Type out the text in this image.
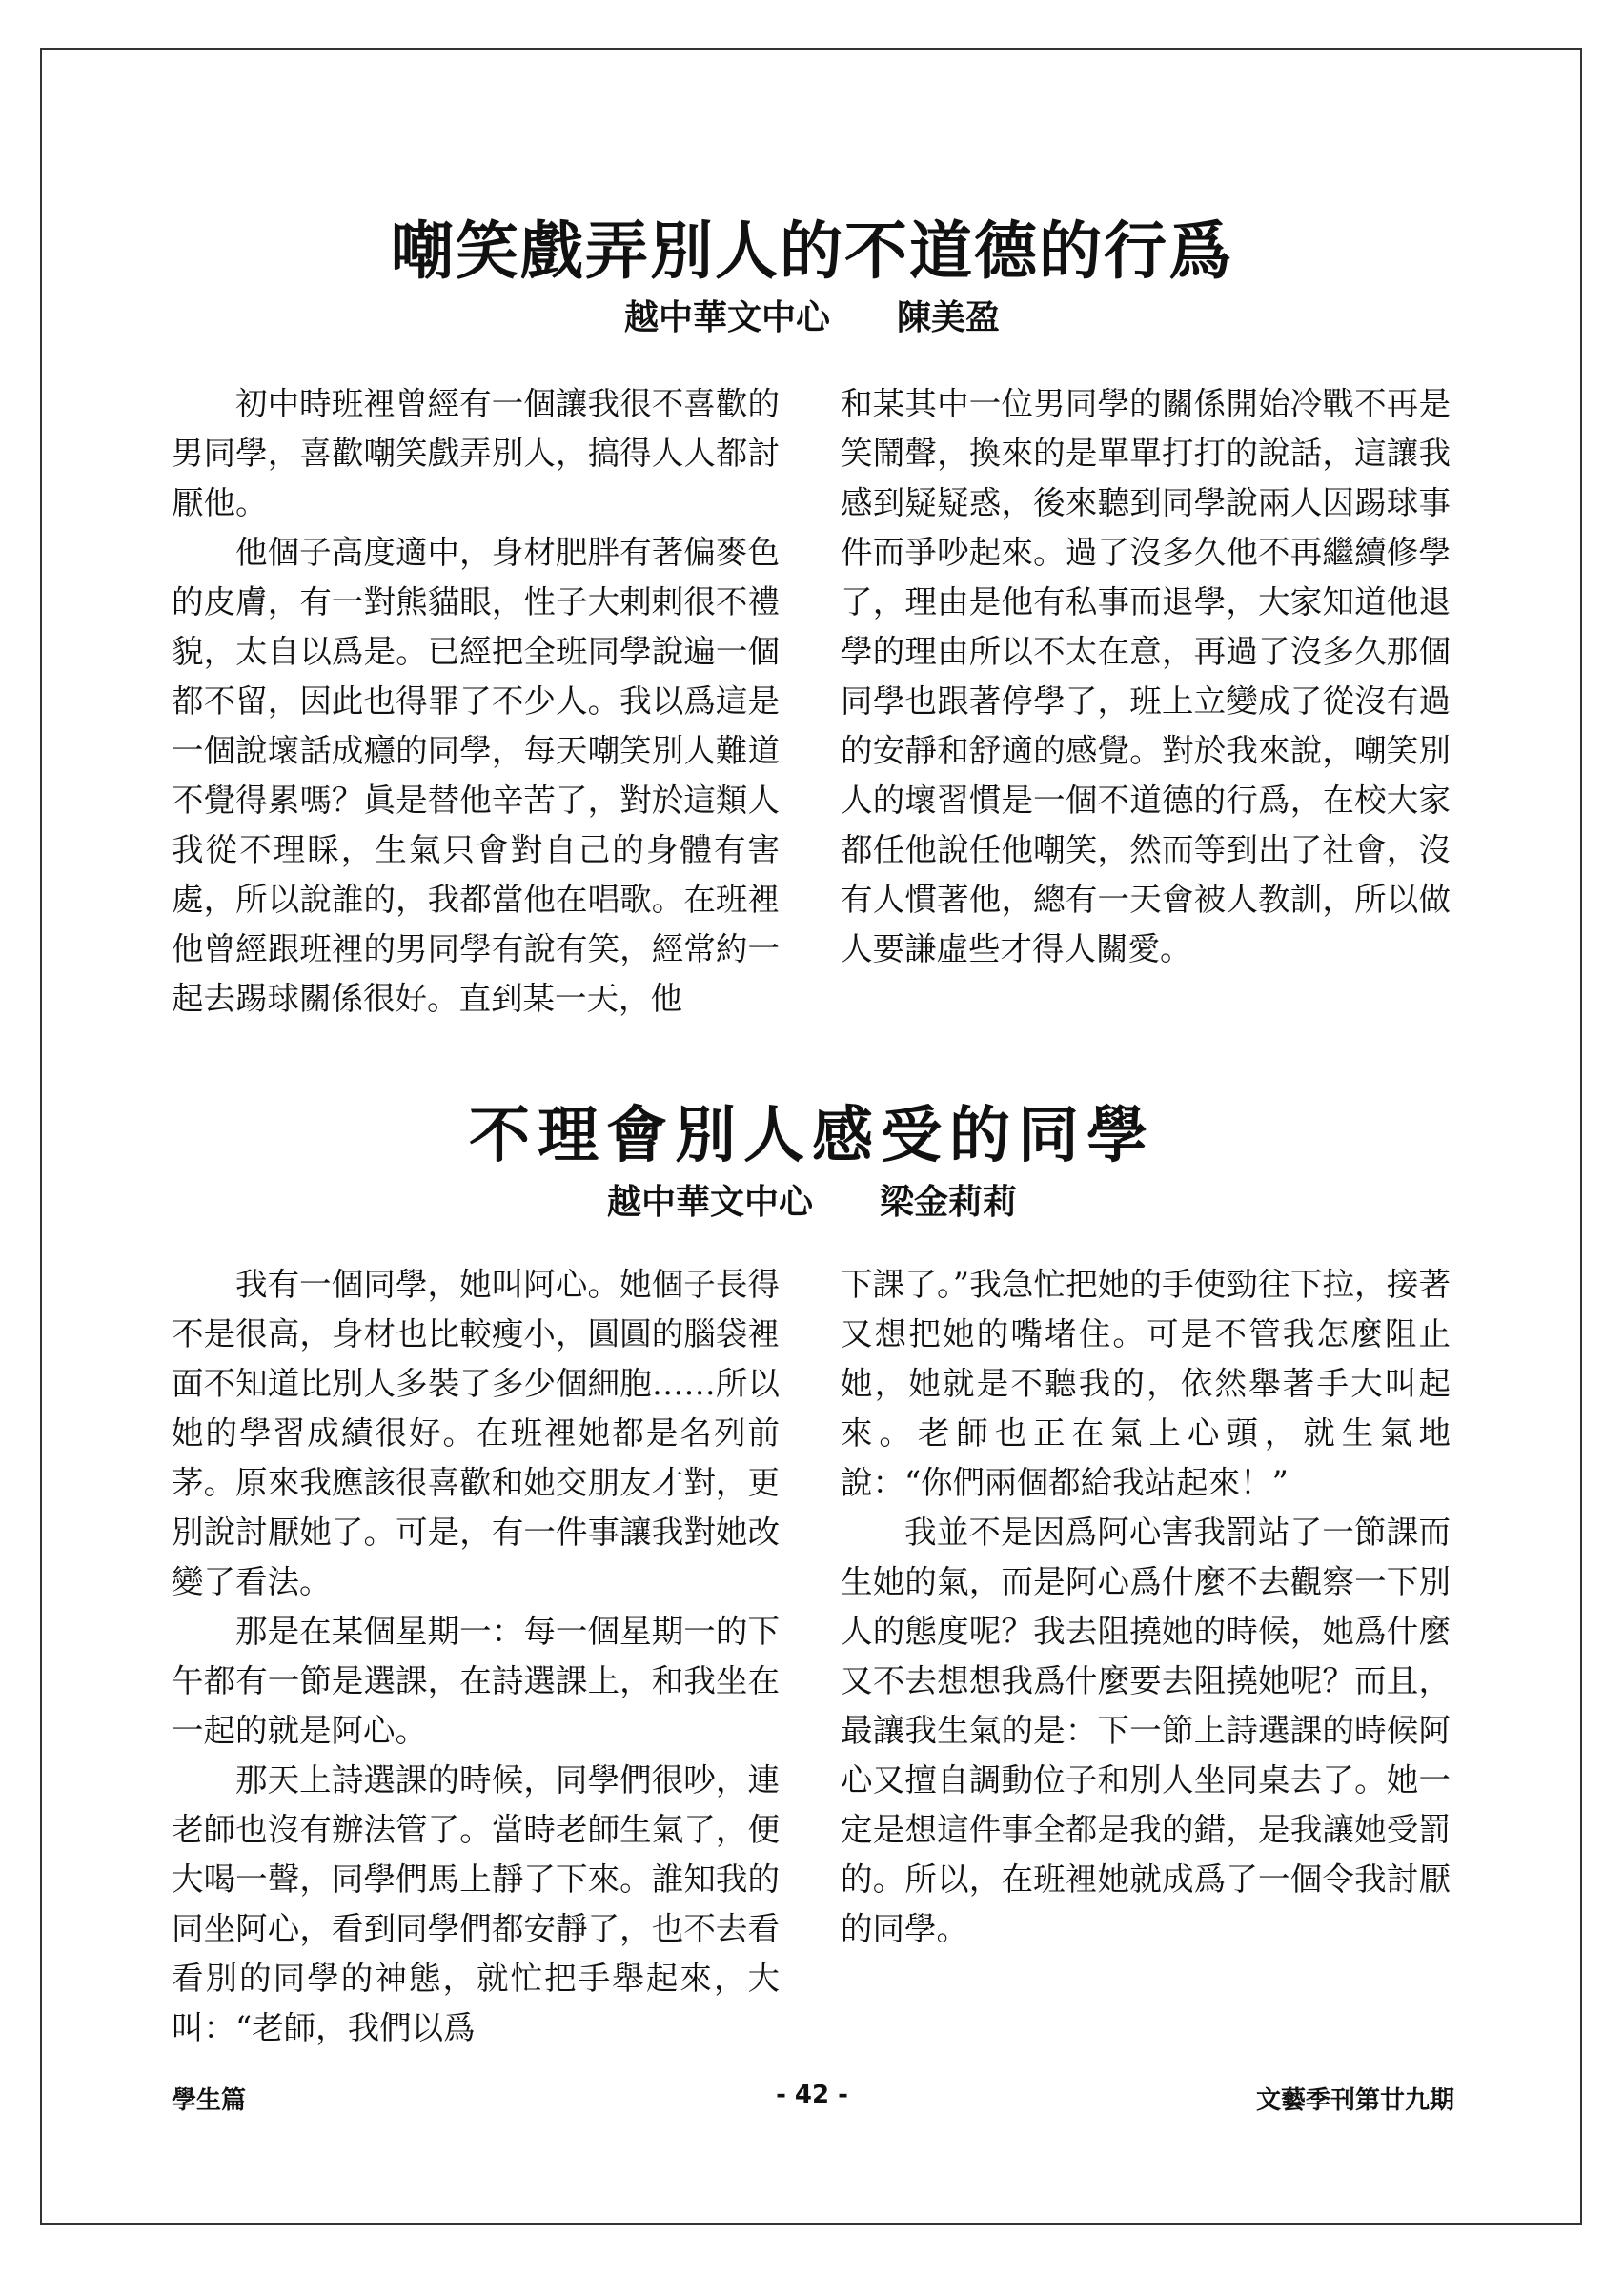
嘲笑戲弄別人的不道德的行爲
越中華文中心 陳美盈

初中時班裡曾經有一個讓我很不喜歡的男同學，喜歡嘲笑戲弄別人，搞得人人都討厭他。

他個子高度適中，身材肥胖有著偏麥色的皮膚，有一對熊貓眼，性子大剌剌很不禮貌，太自以爲是。已經把全班同學說遍一個都不留，因此也得罪了不少人。我以爲這是一個說壞話成癮的同學，每天嘲笑別人難道不覺得累嗎？眞是替他辛苦了，對於這類人我從不理睬，生氣只會對自己的身體有害處，所以說誰的，我都當他在唱歌。在班裡他曾經跟班裡的男同學有說有笑，經常約一起去踢球關係很好。直到某一天，他

和某其中一位男同學的關係開始冷戰不再是笑鬧聲，換來的是單單打打的說話，這讓我感到疑疑惑，後來聽到同學說兩人因踢球事件而爭吵起來。過了沒多久他不再繼續修學了，理由是他有私事而退學，大家知道他退學的理由所以不太在意，再過了沒多久那個同學也跟著停學了，班上立變成了從沒有過的安靜和舒適的感覺。對於我來說，嘲笑別人的壞習慣是一個不道德的行爲，在校大家都任他說任他嘲笑，然而等到出了社會，沒有人慣著他，總有一天會被人教訓，所以做人要謙虛些才得人關愛。

不理會別人感受的同學
越中華文中心 梁金莉莉

我有一個同學，她叫阿心。她個子長得不是很高，身材也比較瘦小，圓圓的腦袋裡面不知道比別人多裝了多少個細胞……所以她的學習成績很好。在班裡她都是名列前茅。原來我應該很喜歡和她交朋友才對，更別說討厭她了。可是，有一件事讓我對她改變了看法。

那是在某個星期一：每一個星期一的下午都有一節是選課，在詩選課上，和我坐在一起的就是阿心。

那天上詩選課的時候，同學們很吵，連老師也沒有辦法管了。當時老師生氣了，便大喝一聲，同學們馬上靜了下來。誰知我的同坐阿心，看到同學們都安靜了，也不去看看別的同學的神態，就忙把手舉起來，大叫：“老師，我們以爲

下課了。”我急忙把她的手使勁往下拉，接著又想把她的嘴堵住。可是不管我怎麼阻止她，她就是不聽我的，依然舉著手大叫起來。老師也正在氣上心頭，就生氣地說：“你們兩個都給我站起來！”

我並不是因爲阿心害我罰站了一節課而生她的氣，而是阿心爲什麼不去觀察一下別人的態度呢？我去阻撓她的時候，她爲什麼又不去想想我爲什麼要去阻撓她呢？而且，最讓我生氣的是：下一節上詩選課的時候阿心又擅自調動位子和別人坐同桌去了。她一定是想這件事全都是我的錯，是我讓她受罰的。所以，在班裡她就成爲了一個令我討厭的同學。

學生篇	- 42 -	文藝季刊第廿九期
